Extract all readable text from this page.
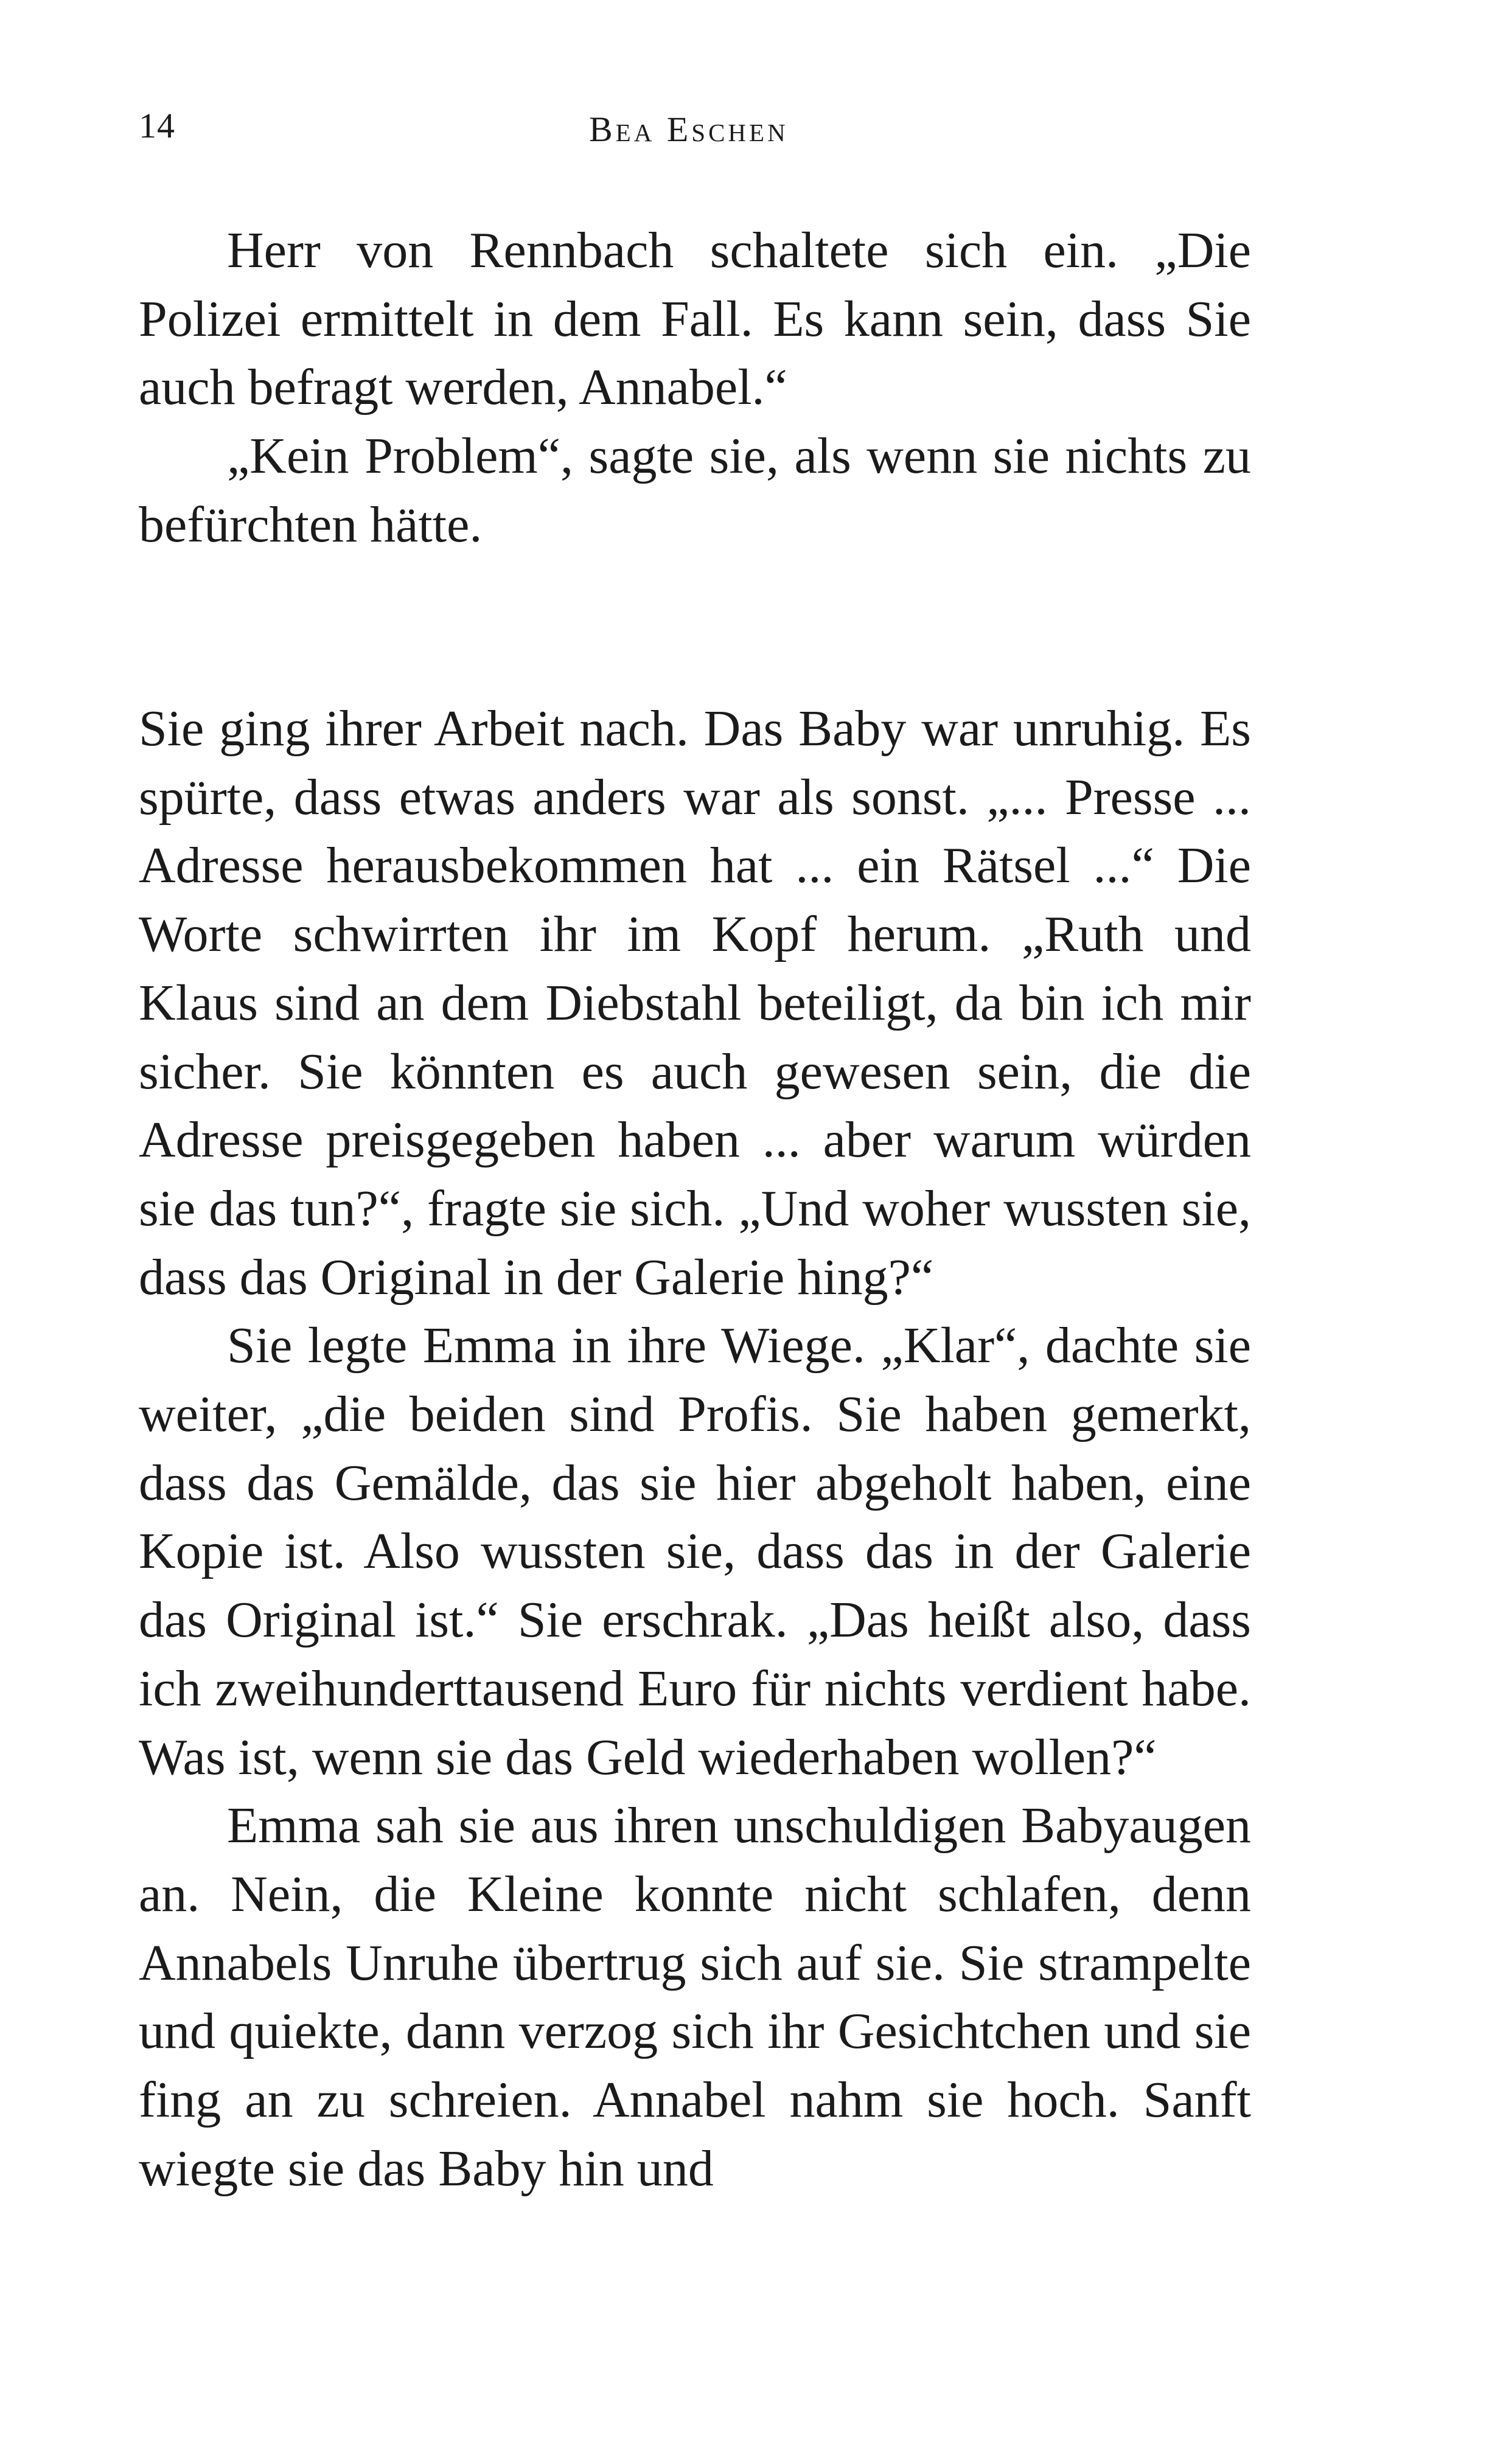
14	Bea Eschen

Herr von Rennbach schaltete sich ein. „Die Polizei ermittelt in dem Fall. Es kann sein, dass Sie auch befragt werden, Annabel.“

„Kein Problem“, sagte sie, als wenn sie nichts zu befürchten hätte.

Sie ging ihrer Arbeit nach. Das Baby war unruhig. Es spürte, dass etwas anders war als sonst. „... Presse ... Adresse herausbekommen hat ... ein Rätsel ...“ Die Worte schwirrten ihr im Kopf herum. „Ruth und Klaus sind an dem Diebstahl beteiligt, da bin ich mir sicher. Sie könnten es auch gewesen sein, die die Adresse preisgegeben haben ... aber warum würden sie das tun?“, fragte sie sich. „Und woher wussten sie, dass das Original in der Galerie hing?“

Sie legte Emma in ihre Wiege. „Klar“, dachte sie weiter, „die beiden sind Profis. Sie haben gemerkt, dass das Gemälde, das sie hier abgeholt haben, eine Kopie ist. Also wussten sie, dass das in der Galerie das Original ist.“ Sie erschrak. „Das heißt also, dass ich zweihunderttausend Euro für nichts verdient habe. Was ist, wenn sie das Geld wiederhaben wollen?“

Emma sah sie aus ihren unschuldigen Babyaugen an. Nein, die Kleine konnte nicht schlafen, denn Annabels Unruhe übertrug sich auf sie. Sie strampelte und quiekte, dann verzog sich ihr Gesichtchen und sie fing an zu schreien. Annabel nahm sie hoch. Sanft wiegte sie das Baby hin und
